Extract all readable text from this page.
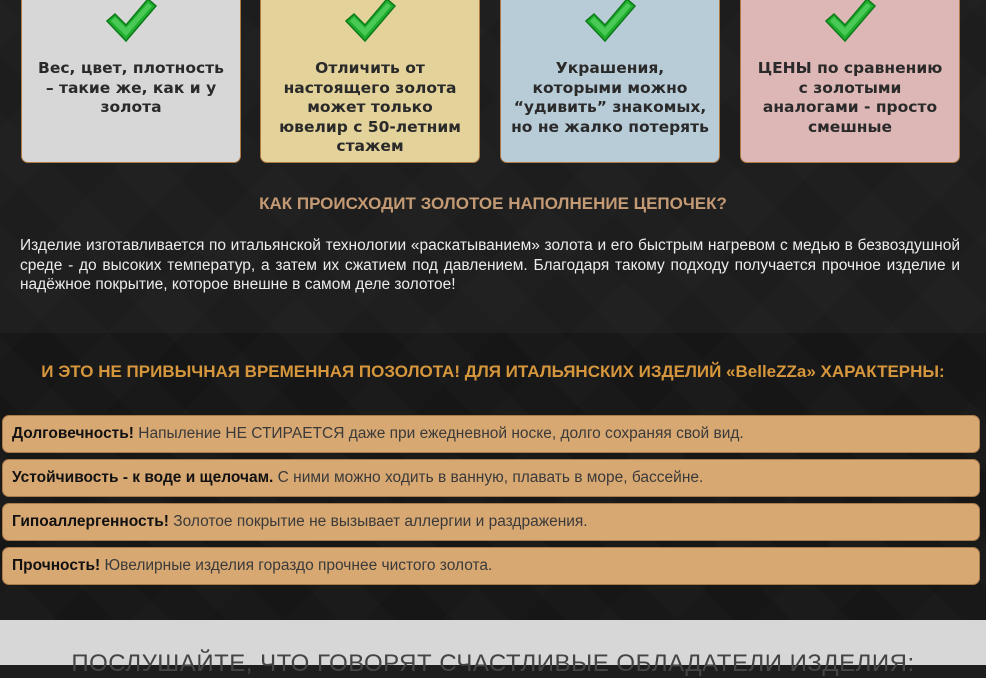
Вес, цвет, плотность – такие же, как и у золота
Отличить от настоящего золота может только ювелир с 50-летним стажем
Украшения, которыми можно “удивить” знакомых, но не жалко потерять
ЦЕНЫ по сравнению с золотыми аналогами - просто смешные
КАК ПРОИСХОДИТ ЗОЛОТОЕ НАПОЛНЕНИЕ ЦЕПОЧЕК?
Изделие изготавливается по итальянской технологии «раскатыванием» золота и его быстрым нагревом с медью в безвоздушной среде - до высоких температур, а затем их сжатием под давлением. Благодаря такому подходу получается прочное изделие и надёжное покрытие, которое внешне в самом деле золотое!
И ЭТО НЕ ПРИВЫЧНАЯ ВРЕМЕННАЯ ПОЗОЛОТА! ДЛЯ ИТАЛЬЯНСКИХ ИЗДЕЛИЙ «BelleZZa» ХАРАКТЕРНЫ:
Долговечность! Напыление НЕ СТИРАЕТСЯ даже при ежедневной носке, долго сохраняя свой вид.
Устойчивость - к воде и щелочам. С ними можно ходить в ванную, плавать в море, бассейне.
Гипоаллергенность! Золотое покрытие не вызывает аллергии и раздражения.
Прочность! Ювелирные изделия гораздо прочнее чистого золота.
ПОСЛУШАЙТЕ, ЧТО ГОВОРЯТ СЧАСТЛИВЫЕ ОБЛАДАТЕЛИ ИЗДЕЛИЯ:
